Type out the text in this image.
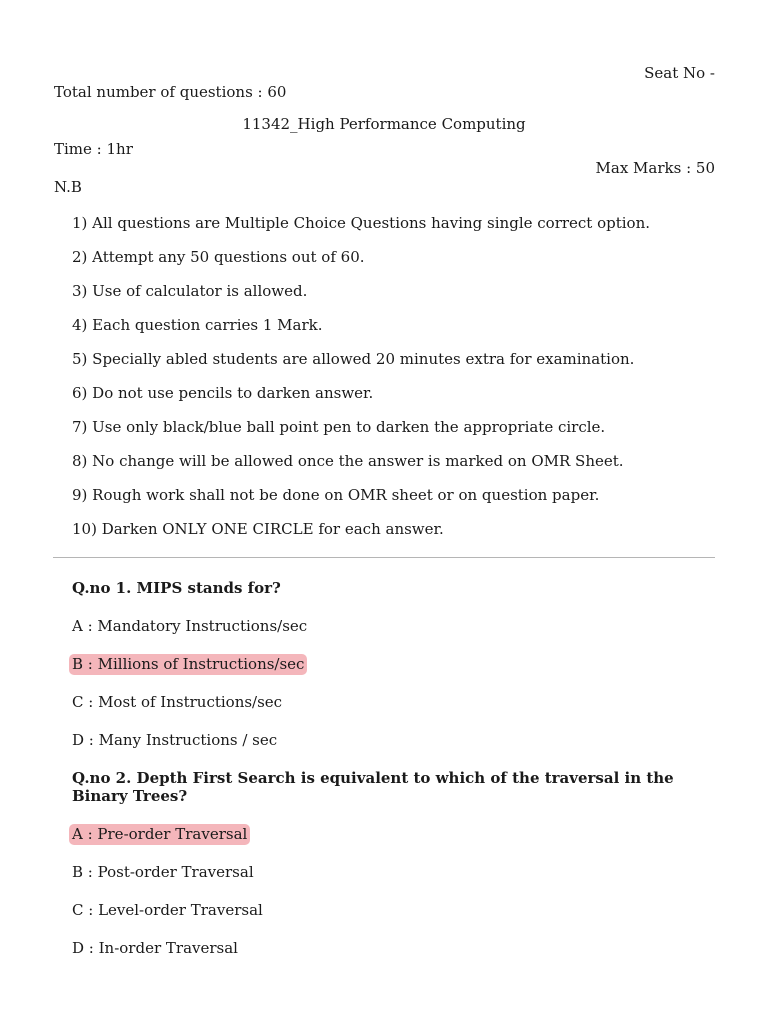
Seat No -
Total number of questions : 60
11342_High Performance Computing
Time : 1hr
Max Marks : 50
N.B
1) All questions are Multiple Choice Questions having single correct option.
2) Attempt any 50 questions out of 60.
3) Use of calculator is allowed.
4) Each question carries 1 Mark.
5) Specially abled students are allowed 20 minutes extra for examination.
6) Do not use pencils to darken answer.
7) Use only black/blue ball point pen to darken the appropriate circle.
8) No change will be allowed once the answer is marked on OMR Sheet.
9) Rough work shall not be done on OMR sheet or on question paper.
10) Darken ONLY ONE CIRCLE for each answer.
Q.no 1. MIPS stands for?
A : Mandatory Instructions/sec
B : Millions of Instructions/sec
C : Most of Instructions/sec
D : Many Instructions / sec
Q.no 2. Depth First Search is equivalent to which of the traversal in the Binary Trees?
A : Pre-order Traversal
B : Post-order Traversal
C : Level-order Traversal
D : In-order Traversal
